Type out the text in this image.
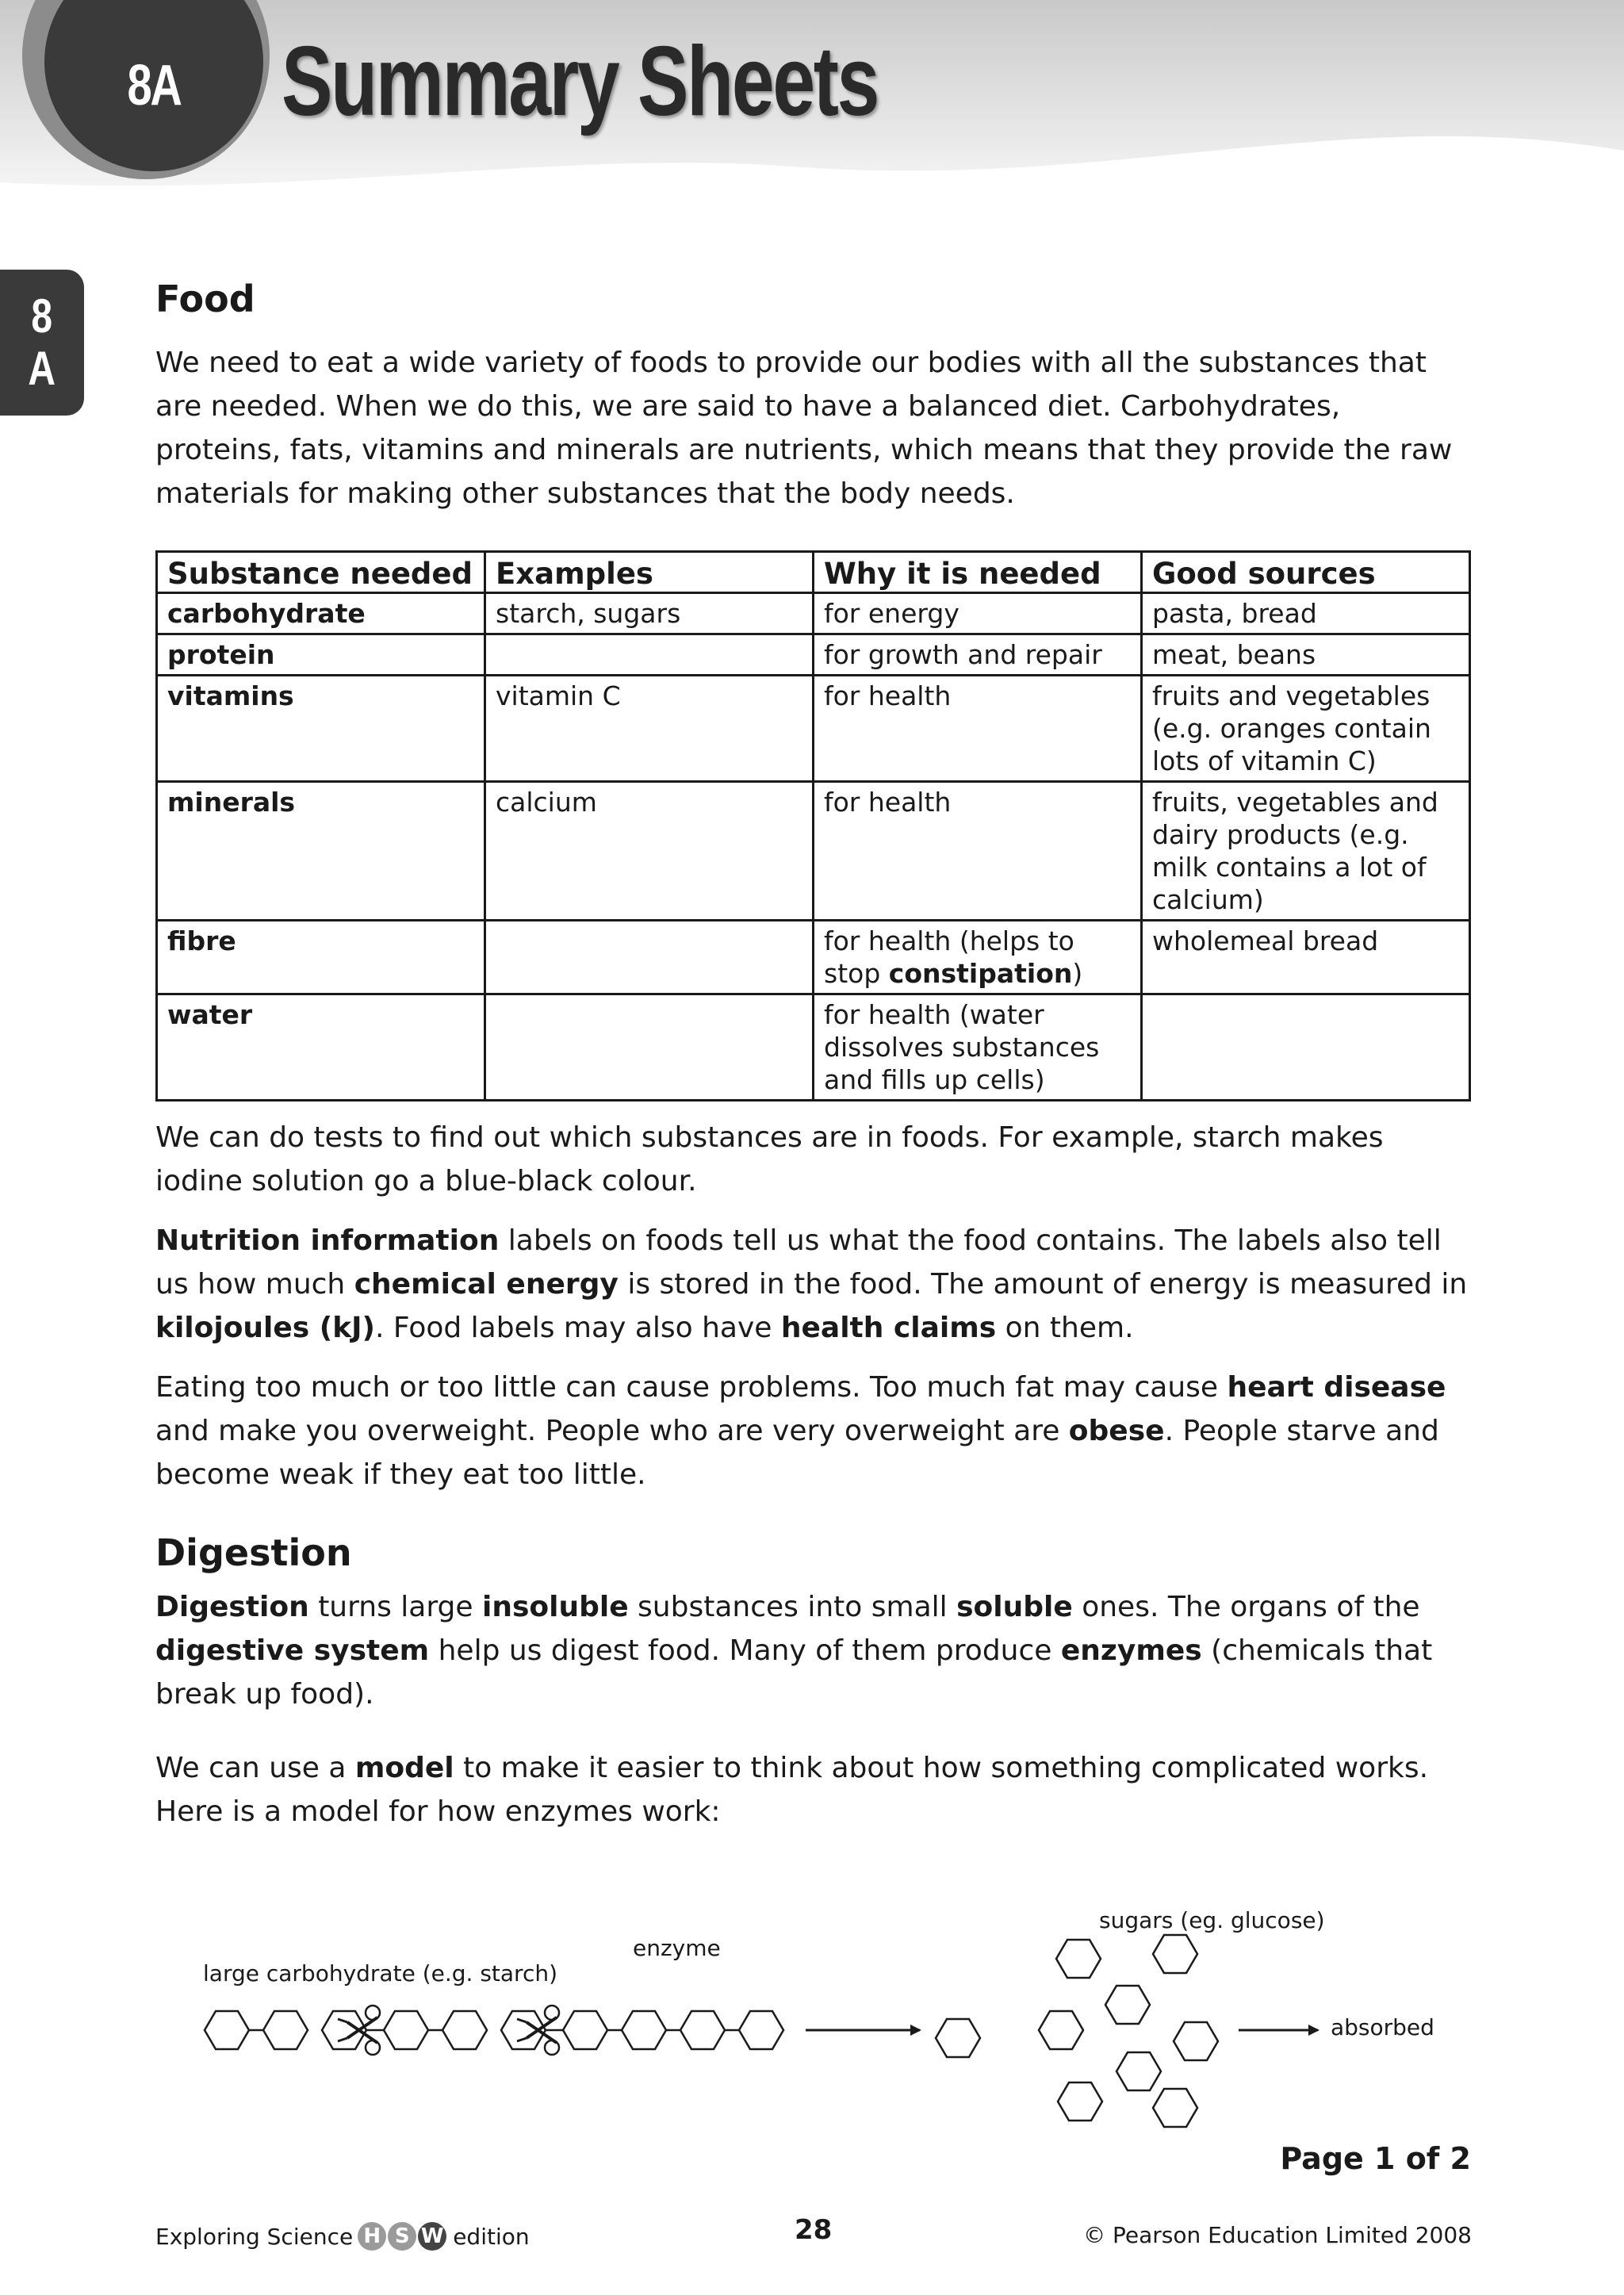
8A Summary Sheets
8
A
Food

We need to eat a wide variety of foods to provide our bodies with all the substances that are needed. When we do this, we are said to have a balanced diet. Carbohydrates, proteins, fats, vitamins and minerals are nutrients, which means that they provide the raw materials for making other substances that the body needs.

Substance needed	Examples	Why it is needed	Good sources
carbohydrate	starch, sugars	for energy	pasta, bread
protein		for growth and repair	meat, beans
vitamins	vitamin C	for health	fruits and vegetables (e.g. oranges contain lots of vitamin C)
minerals	calcium	for health	fruits, vegetables and dairy products (e.g. milk contains a lot of calcium)
fibre		for health (helps to stop constipation)	wholemeal bread
water		for health (water dissolves substances and fills up cells)	

We can do tests to find out which substances are in foods. For example, starch makes iodine solution go a blue-black colour.

Nutrition information labels on foods tell us what the food contains. The labels also tell us how much chemical energy is stored in the food. The amount of energy is measured in kilojoules (kJ). Food labels may also have health claims on them.

Eating too much or too little can cause problems. Too much fat may cause heart disease and make you overweight. People who are very overweight are obese. People starve and become weak if they eat too little.

Digestion

Digestion turns large insoluble substances into small soluble ones. The organs of the digestive system help us digest food. Many of them produce enzymes (chemicals that break up food).

We can use a model to make it easier to think about how something complicated works. Here is a model for how enzymes work:

large carbohydrate (e.g. starch)
enzyme
sugars (eg. glucose)
absorbed
Page 1 of 2
Exploring Science H S W edition	28	© Pearson Education Limited 2008
